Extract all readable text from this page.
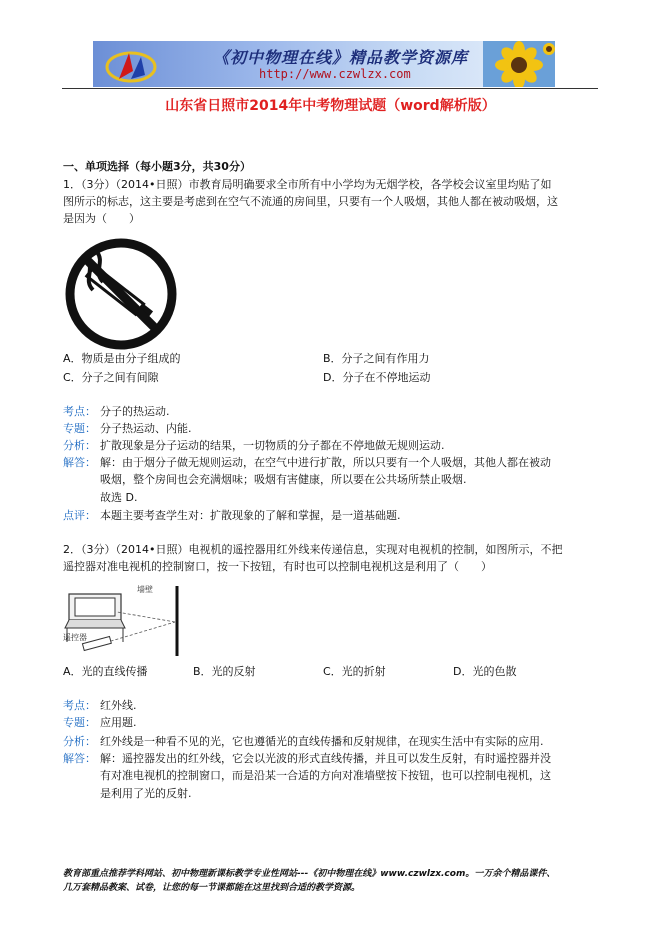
《初中物理在线》精品教学资源库
http://www.czwlzx.com
山东省日照市2014年中考物理试题（word解析版）
一、单项选择（每小题3分，共30分）
1．（3分）（2014•日照）市教育局明确要求全市所有中小学均为无烟学校，各学校会议室里均贴了如
图所示的标志，这主要是考虑到在空气不流通的房间里，只要有一个人吸烟，其他人都在被动吸烟，这
是因为（　　）
A．物质是由分子组成的	B．分子之间有作用力
C．分子之间有间隙	D．分子在不停地运动
考点： 分子的热运动.
专题： 分子热运动、内能.
分析： 扩散现象是分子运动的结果，一切物质的分子都在不停地做无规则运动.
解答： 解：由于烟分子做无规则运动，在空气中进行扩散，所以只要有一个人吸烟，其他人都在被动
吸烟，整个房间也会充满烟味；吸烟有害健康，所以要在公共场所禁止吸烟.
故选 D.
点评： 本题主要考查学生对：扩散现象的了解和掌握，是一道基础题.
2．（3分）（2014•日照）电视机的遥控器用红外线来传递信息，实现对电视机的控制，如图所示，不把
遥控器对准电视机的控制窗口，按一下按钮，有时也可以控制电视机这是利用了（　　）
墙壁
遥控器
A．光的直线传播	B．光的反射	C．光的折射	D．光的色散
考点： 红外线.
专题： 应用题.
分析： 红外线是一种看不见的光，它也遵循光的直线传播和反射规律，在现实生活中有实际的应用.
解答： 解：遥控器发出的红外线，它会以光波的形式直线传播，并且可以发生反射，有时遥控器并没
有对准电视机的控制窗口，而是沿某一合适的方向对准墙壁按下按钮，也可以控制电视机，这
是利用了光的反射.
教育部重点推荐学科网站、初中物理新课标教学专业性网站---《初中物理在线》www.czwlzx.com。一万余个精品课件、
几万套精品教案、试卷，让您的每一节课都能在这里找到合适的教学资源。
